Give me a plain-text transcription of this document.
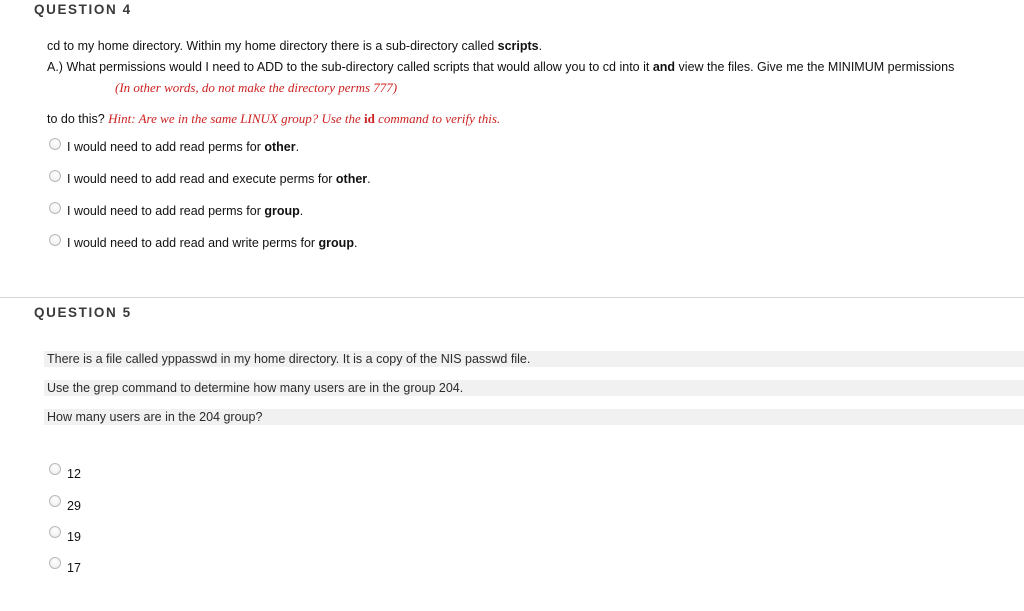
QUESTION 4
cd to my home directory. Within my home directory there is a sub-directory called scripts.
A.) What permissions would I need to ADD to the sub-directory called scripts that would allow you to cd into it and view the files. Give me the MINIMUM permissions
(In other words, do not make the directory perms 777)
to do this? Hint: Are we in the same LINUX group? Use the id command to verify this.
I would need to add read perms for other.
I would need to add read and execute perms for other.
I would need to add read perms for group.
I would need to add read and write perms for group.
QUESTION 5
There is a file called yppasswd in my home directory. It is a copy of the NIS passwd file.
Use the grep command to determine how many users are in the group 204.
How many users are in the 204 group?
12
29
19
17
